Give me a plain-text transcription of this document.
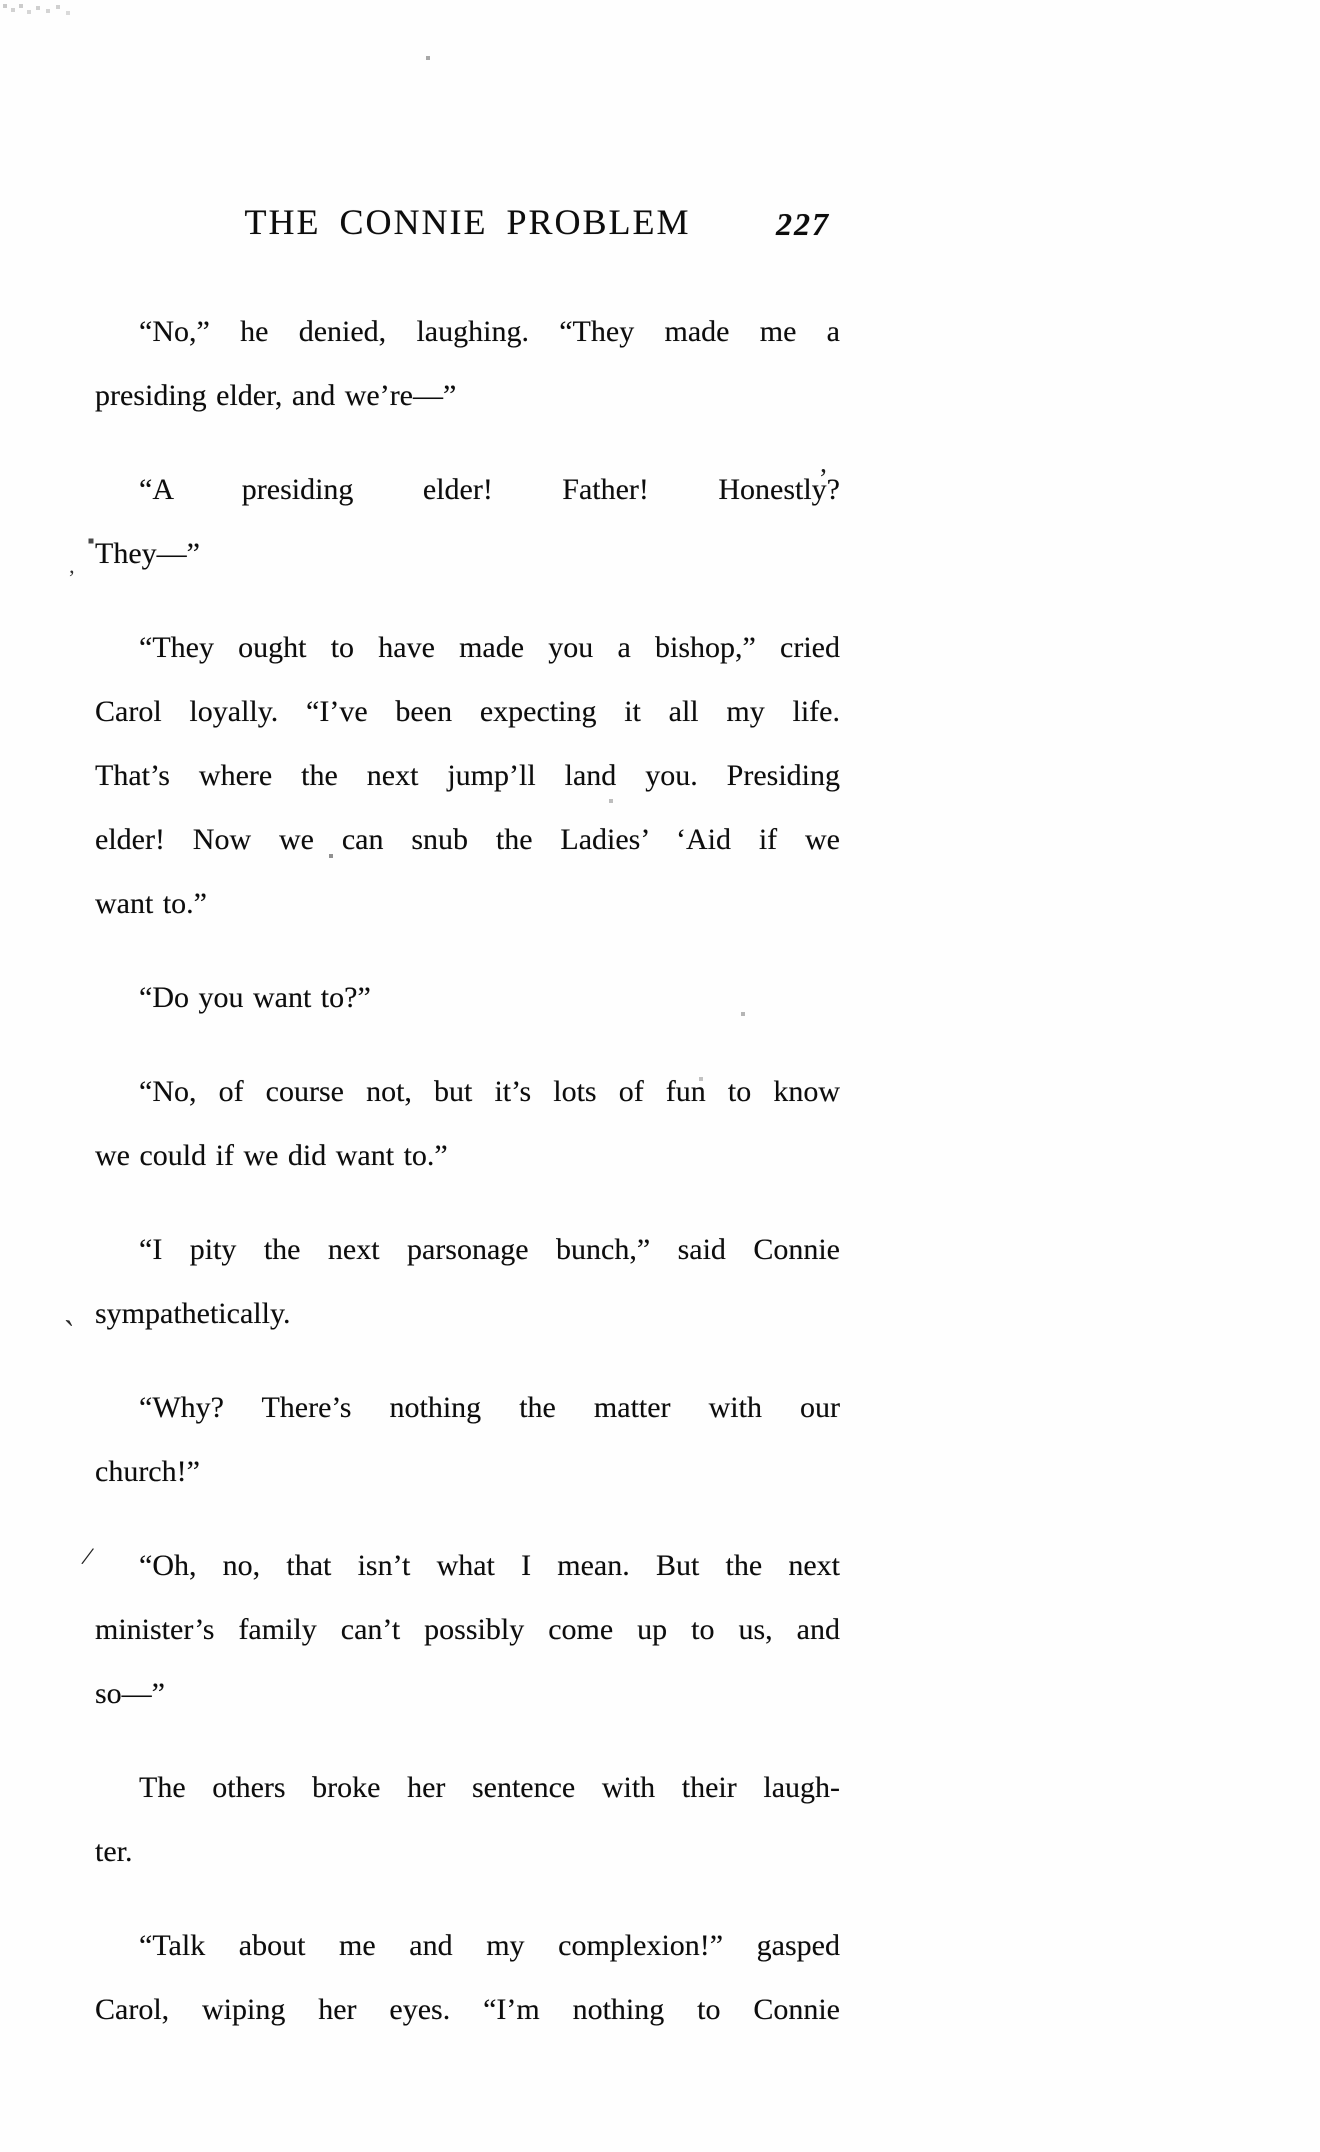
THE CONNIE PROBLEM	227

“No,” he denied, laughing. “They made me a
presiding elder, and we’re—”

“A presiding elder! Father! Honestly?
They—”

“They ought to have made you a bishop,” cried
Carol loyally. “I’ve been expecting it all my life.
That’s where the next jump’ll land you. Presiding
elder! Now we can snub the Ladies’ ‘Aid if we
want to.”

“Do you want to?”

“No, of course not, but it’s lots of fun to know
we could if we did want to.”

“I pity the next parsonage bunch,” said Connie
sympathetically.

“Why? There’s nothing the matter with our
church!”

“Oh, no, that isn’t what I mean. But the next
minister’s family can’t possibly come up to us, and
so—”

The others broke her sentence with their laugh-
ter.

“Talk about me and my complexion!” gasped
Carol, wiping her eyes. “I’m nothing to Connie

’
,
`
/
